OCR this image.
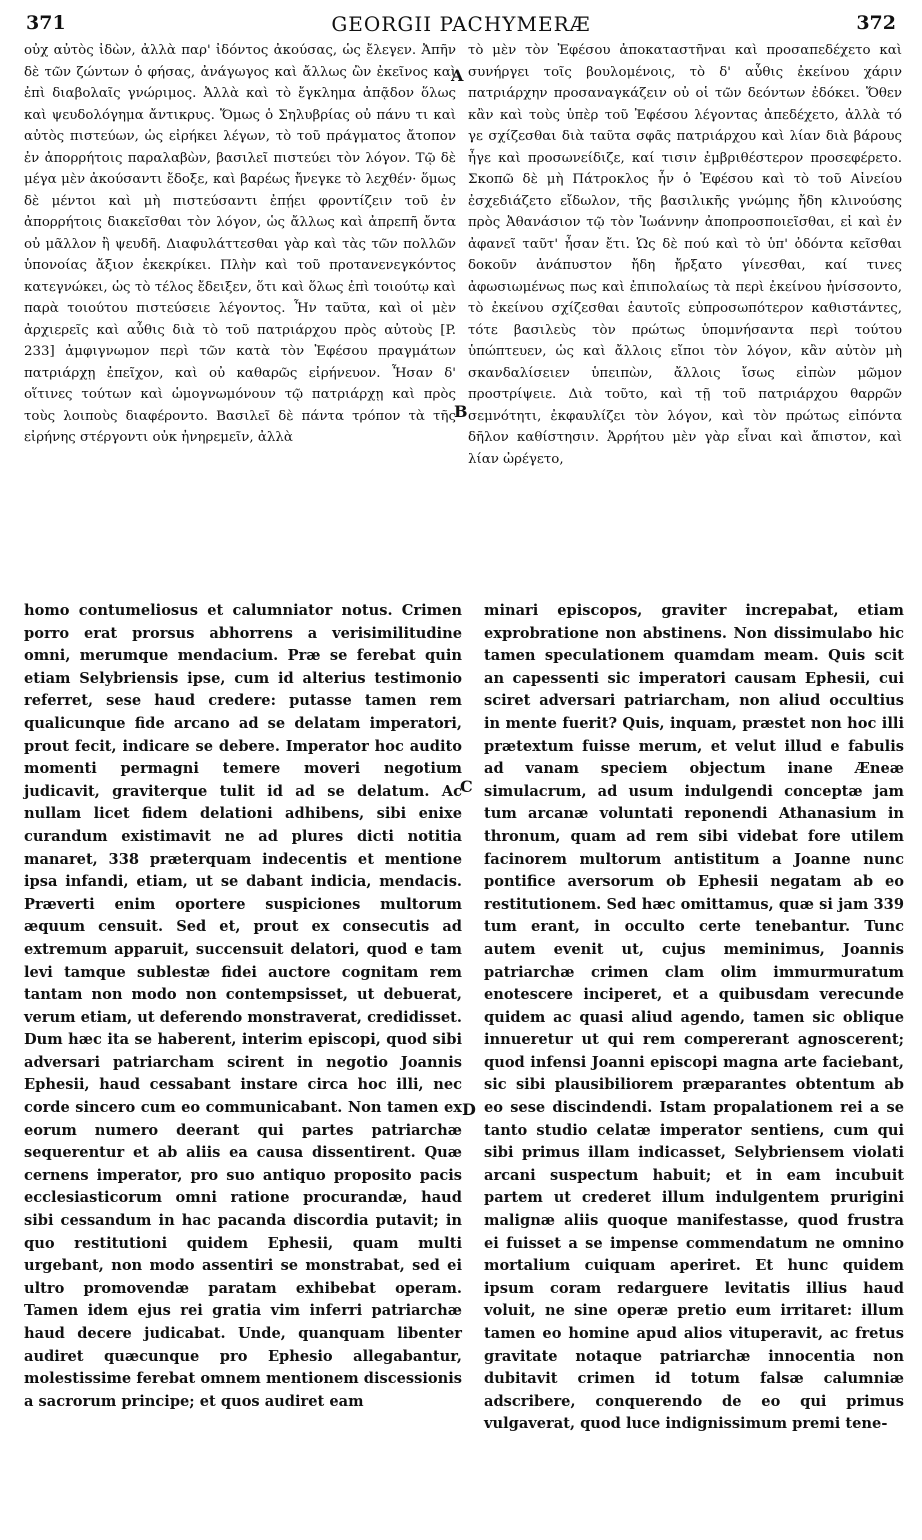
371	GEORGII PACHYMERÆ	372
οὐχ αὐτὸς ἰδὼν, ἀλλὰ παρ' ἰδόντος ἀκούσας, ὡς ἔλεγεν. Ἀπῆν δὲ τῶν ζώντων ὁ φήσας, ἀνάγωγος καὶ ἄλλως ὢν ἐκεῖνος καὶ ἐπὶ διαβολαῖς γνώριμος. Ἀλλὰ καὶ τὸ ἔγκλημα ἀπᾷδον ὅλως καὶ ψευδολόγημα ἄντικρυς. Ὅμως ὁ Σηλυβρίας οὐ πάνυ τι καὶ αὐτὸς πιστεύων, ὡς εἰρήκει λέγων, τὸ τοῦ πράγματος ἄτοπον ἐν ἀπορρήτοις παραλαβὼν, βασιλεῖ πιστεύει τὸν λόγον. Τῷ δὲ μέγα μὲν ἀκούσαντι ἔδοξε, καὶ βαρέως ἤνεγκε τὸ λεχθέν· ὅμως δὲ μέντοι καὶ μὴ πιστεύσαντι ἐπῄει φροντίζειν τοῦ ἐν ἀπορρήτοις διακεῖσθαι τὸν λόγον, ὡς ἄλλως καὶ ἀπρεπῆ ὄντα οὐ μᾶλλον ἢ ψευδῆ. Διαφυλάττεσθαι γὰρ καὶ τὰς τῶν πολλῶν ὑπονοίας ἄξιον ἐκεκρίκει. Πλὴν καὶ τοῦ προτανενεγκόντος κατεγνώκει, ὡς τὸ τέλος ἔδειξεν, ὅτι καὶ ὅλως ἐπὶ τοιούτῳ καὶ παρὰ τοιούτου πιστεύσειε λέγοντος. Ἦν ταῦτα, καὶ οἱ μὲν ἀρχιερεῖς καὶ αὖθις διὰ τὸ τοῦ πατριάρχου πρὸς αὐτοὺς [P. 233] ἀμφιγνωμον περὶ τῶν κατὰ τὸν Ἐφέσου πραγμάτων πατριάρχῃ ἐπεῖχον, καὶ οὐ καθαρῶς εἰρήνευον. Ἦσαν δ' οἵτινες τούτων καὶ ὡμογνωμόνουν τῷ πατριάρχῃ καὶ πρὸς τοὺς λοιποὺς διαφέροντο. Βασιλεῖ δὲ πάντα τρόπον τὰ τῆς εἰρήνης στέργοντι οὐκ ἠνηρεμεῖν, ἀλλὰ
τὸ μὲν τὸν Ἐφέσου ἀποκαταστῆναι καὶ προσαπεδέχετο καὶ συνήργει τοῖς βουλομένοις, τὸ δ' αὖθις ἐκείνου χάριν πατριάρχην προσαναγκάζειν οὐ οἱ τῶν δεόντων ἐδόκει. Ὅθεν κἂν καὶ τοὺς ὑπὲρ τοῦ Ἐφέσου λέγοντας ἀπεδέχετο, ἀλλὰ τό γε σχίζεσθαι διὰ ταῦτα σφᾶς πατριάρχου καὶ λίαν διὰ βάρους ἦγε καὶ προσωνείδιζε, καί τισιν ἐμβριθέστερον προσεφέρετο. Σκοπῶ δὲ μὴ Πάτροκλος ἦν ὁ Ἐφέσου καὶ τὸ τοῦ Αἰνείου ἐσχεδιάζετο εἴδωλον, τῆς βασιλικῆς γνώμης ἤδη κλινούσης πρὸς Ἀθανάσιον τῷ τὸν Ἰωάννην ἀποπροσποιεῖσθαι, εἰ καὶ ἐν ἀφανεῖ ταῦτ' ἦσαν ἔτι. Ὡς δὲ πού καὶ τὸ ὑπ' ὀδόντα κεῖσθαι δοκοῦν ἀνάπυστον ἤδη ἤρξατο γίνεσθαι, καί τινες ἀφωσιωμένως πως καὶ ἐπιπολαίως τὰ περὶ ἐκείνου ἠνίσσοντο, τὸ ἐκείνου σχίζεσθαι ἑαυτοῖς εὐπροσωπότερον καθιστάντες, τότε βασιλεὺς τὸν πρώτως ὑπομνήσαντα περὶ τούτου ὑπώπτευεν, ὡς καὶ ἄλλοις εἴποι τὸν λόγον, κἂν αὐτὸν μὴ σκανδαλίσειεν ὑπειπὼν, ἄλλοις ἴσως εἰπὼν μῶμον προστρίψειε. Διὰ τοῦτο, καὶ τῇ τοῦ πατριάρχου θαρρῶν σεμνότητι, ἐκφαυλίζει τὸν λόγον, καὶ τὸν πρώτως εἰπόντα δῆλον καθίστησιν. Ἀρρήτου μὲν γὰρ εἶναι καὶ ἄπιστον, καὶ λίαν ὠρέγετο,
A
B
C
D
homo contumeliosus et calumniator notus. Crimen porro erat prorsus abhorrens a verisimilitudine omni, merumque mendacium. Præ se ferebat quin etiam Selybriensis ipse, cum id alterius testimonio referret, sese haud credere: putasse tamen rem qualicunque fide arcano ad se delatam imperatori, prout fecit, indicare se debere. Imperator hoc audito momenti permagni temere moveri negotium judicavit, graviterque tulit id ad se delatum. Ac nullam licet fidem delationi adhibens, sibi enixe curandum existimavit ne ad plures dicti notitia manaret, 338 præterquam indecentis et mentione ipsa infandi, etiam, ut se dabant indicia, mendacis. Præverti enim oportere suspiciones multorum æquum censuit. Sed et, prout ex consecutis ad extremum apparuit, succensuit delatori, quod e tam levi tamque sublestæ fidei auctore cognitam rem tantam non modo non contempsisset, ut debuerat, verum etiam, ut deferendo monstraverat, credidisset. Dum hæc ita se haberent, interim episcopi, quod sibi adversari patriarcham scirent in negotio Joannis Ephesii, haud cessabant instare circa hoc illi, nec corde sincero cum eo communicabant. Non tamen ex eorum numero deerant qui partes patriarchæ sequerentur et ab aliis ea causa dissentirent. Quæ cernens imperator, pro suo antiquo proposito pacis ecclesiasticorum omni ratione procurandæ, haud sibi cessandum in hac pacanda discordia putavit; in quo restitutioni quidem Ephesii, quam multi urgebant, non modo assentiri se monstrabat, sed ei ultro promovendæ paratam exhibebat operam. Tamen idem ejus rei gratia vim inferri patriarchæ haud decere judicabat. Unde, quanquam libenter audiret quæcunque pro Ephesio allegabantur, molestissime ferebat omnem mentionem discessionis a sacrorum principe; et quos audiret eam
minari episcopos, graviter increpabat, etiam exprobratione non abstinens. Non dissimulabo hic tamen speculationem quamdam meam. Quis scit an capessenti sic imperatori causam Ephesii, cui sciret adversari patriarcham, non aliud occultius in mente fuerit? Quis, inquam, præstet non hoc illi prætextum fuisse merum, et velut illud e fabulis ad vanam speciem objectum inane Æneæ simulacrum, ad usum indulgendi conceptæ jam tum arcanæ voluntati reponendi Athanasium in thronum, quam ad rem sibi videbat fore utilem facinorem multorum antistitum a Joanne nunc pontifice aversorum ob Ephesii negatam ab eo restitutionem. Sed hæc omittamus, quæ si jam 339 tum erant, in occulto certe tenebantur. Tunc autem evenit ut, cujus meminimus, Joannis patriarchæ crimen clam olim immurmuratum enotescere inciperet, et a quibusdam verecunde quidem ac quasi aliud agendo, tamen sic oblique innueretur ut qui rem compererant agnoscerent; quod infensi Joanni episcopi magna arte faciebant, sic sibi plausibiliorem præparantes obtentum ab eo sese discindendi. Istam propalationem rei a se tanto studio celatæ imperator sentiens, cum qui sibi primus illam indicasset, Selybriensem violati arcani suspectum habuit; et in eam incubuit partem ut crederet illum indulgentem prurigini malignæ aliis quoque manifestasse, quod frustra ei fuisset a se impense commendatum ne omnino mortalium cuiquam aperiret. Et hunc quidem ipsum coram redarguere levitatis illius haud voluit, ne sine operæ pretio eum irritaret: illum tamen eo homine apud alios vituperavit, ac fretus gravitate notaque patriarchæ innocentia non dubitavit crimen id totum falsæ calumniæ adscribere, conquerendo de eo qui primus vulgaverat, quod luce indignissimum premi tene-
